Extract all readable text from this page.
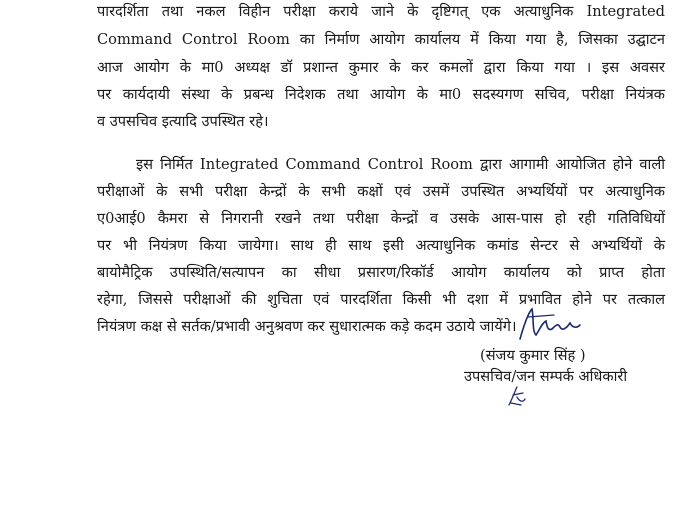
पारदर्शिता तथा नकल विहीन परीक्षा कराये जाने के दृष्टिगत् एक अत्याधुनिक Integrated
Command Control Room का निर्माण आयोग कार्यालय में किया गया है, जिसका उद्घाटन
आज आयोग के मा0 अध्यक्ष डॉ प्रशान्त कुमार के कर कमलों द्वारा किया गया । इस अवसर
पर कार्यदायी संस्था के प्रबन्ध निदेशक तथा आयोग के मा0 सदस्यगण सचिव, परीक्षा नियंत्रक
व उपसचिव इत्यादि उपस्थित रहे।
इस निर्मित Integrated Command Control Room द्वारा आगामी आयोजित होने वाली
परीक्षाओं के सभी परीक्षा केन्द्रों के सभी कक्षों एवं उसमें उपस्थित अभ्यर्थियों पर अत्याधुनिक
ए0आई0 कैमरा से निगरानी रखने तथा परीक्षा केन्द्रों व उसके आस-पास हो रही गतिविधियों
पर भी नियंत्रण किया जायेगा। साथ ही साथ इसी अत्याधुनिक कमांड सेन्टर से अभ्यर्थियों के
बायोमैट्रिक उपस्थिति/सत्यापन का सीधा प्रसारण/रिकॉर्ड आयोग कार्यालय को प्राप्त होता
रहेगा, जिससे परीक्षाओं की शुचिता एवं पारदर्शिता किसी भी दशा में प्रभावित होने पर तत्काल
नियंत्रण कक्ष से सर्तक/प्रभावी अनुश्रवण कर सुधारात्मक कड़े कदम उठाये जायेंगे।
(संजय कुमार सिंह )
उपसचिव/जन सम्पर्क अधिकारी
